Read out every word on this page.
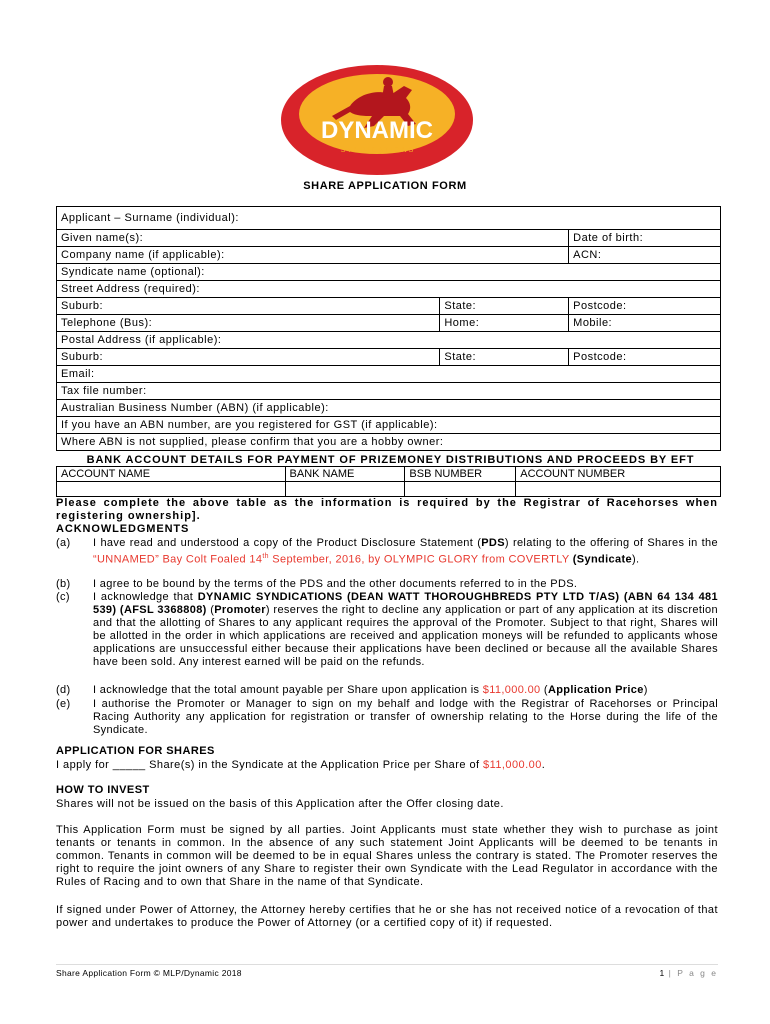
DYNAMIC
S Y N D I C A T I O N S
SHARE APPLICATION FORM
Applicant – Surname (individual):		
Given name(s):		Date of birth:
Company name (if applicable):		ACN:
Syndicate name (optional):		
Street Address (required):		
Suburb:	State:	Postcode:
Telephone (Bus):	Home:	Mobile:
Postal Address (if applicable):		
Suburb:	State:	Postcode:
Email:		
Tax file number:		
Australian Business Number (ABN) (if applicable):		
If you have an ABN number, are you registered for GST (if applicable):		
Where ABN is not supplied, please confirm that you are a hobby owner:		
BANK ACCOUNT DETAILS FOR PAYMENT OF PRIZEMONEY DISTRIBUTIONS AND PROCEEDS BY EFT
ACCOUNT NAME	BANK NAME	BSB NUMBER	ACCOUNT NUMBER

Please complete the above table as the information is required by the Registrar of Racehorses when registering ownership].
ACKNOWLEDGMENTS
(a)	I have read and understood a copy of the Product Disclosure Statement (PDS) relating to the offering of Shares in the “UNNAMED” Bay Colt Foaled 14th September, 2016, by OLYMPIC GLORY from COVERTLY (Syndicate).
(b)	I agree to be bound by the terms of the PDS and the other documents referred to in the PDS.
(c)	I acknowledge that DYNAMIC SYNDICATIONS (DEAN WATT THOROUGHBREDS PTY LTD T/AS) (ABN 64 134 481 539) (AFSL 3368808) (Promoter) reserves the right to decline any application or part of any application at its discretion and that the allotting of Shares to any applicant requires the approval of the Promoter. Subject to that right, Shares will be allotted in the order in which applications are received and application moneys will be refunded to applicants whose applications are unsuccessful either because their applications have been declined or because all the available Shares have been sold. Any interest earned will be paid on the refunds.
(d)	I acknowledge that the total amount payable per Share upon application is $11,000.00 (Application Price)
(e)	I authorise the Promoter or Manager to sign on my behalf and lodge with the Registrar of Racehorses or Principal Racing Authority any application for registration or transfer of ownership relating to the Horse during the life of the Syndicate.
APPLICATION FOR SHARES
I apply for _____ Share(s) in the Syndicate at the Application Price per Share of $11,000.00.
HOW TO INVEST
Shares will not be issued on the basis of this Application after the Offer closing date.
This Application Form must be signed by all parties. Joint Applicants must state whether they wish to purchase as joint tenants or tenants in common. In the absence of any such statement Joint Applicants will be deemed to be tenants in common. Tenants in common will be deemed to be in equal Shares unless the contrary is stated. The Promoter reserves the right to require the joint owners of any Share to register their own Syndicate with the Lead Regulator in accordance with the Rules of Racing and to own that Share in the name of that Syndicate.
If signed under Power of Attorney, the Attorney hereby certifies that he or she has not received notice of a revocation of that power and undertakes to produce the Power of Attorney (or a certified copy of it) if requested.
Share Application Form © MLP/Dynamic 2018	1 | P a g e
